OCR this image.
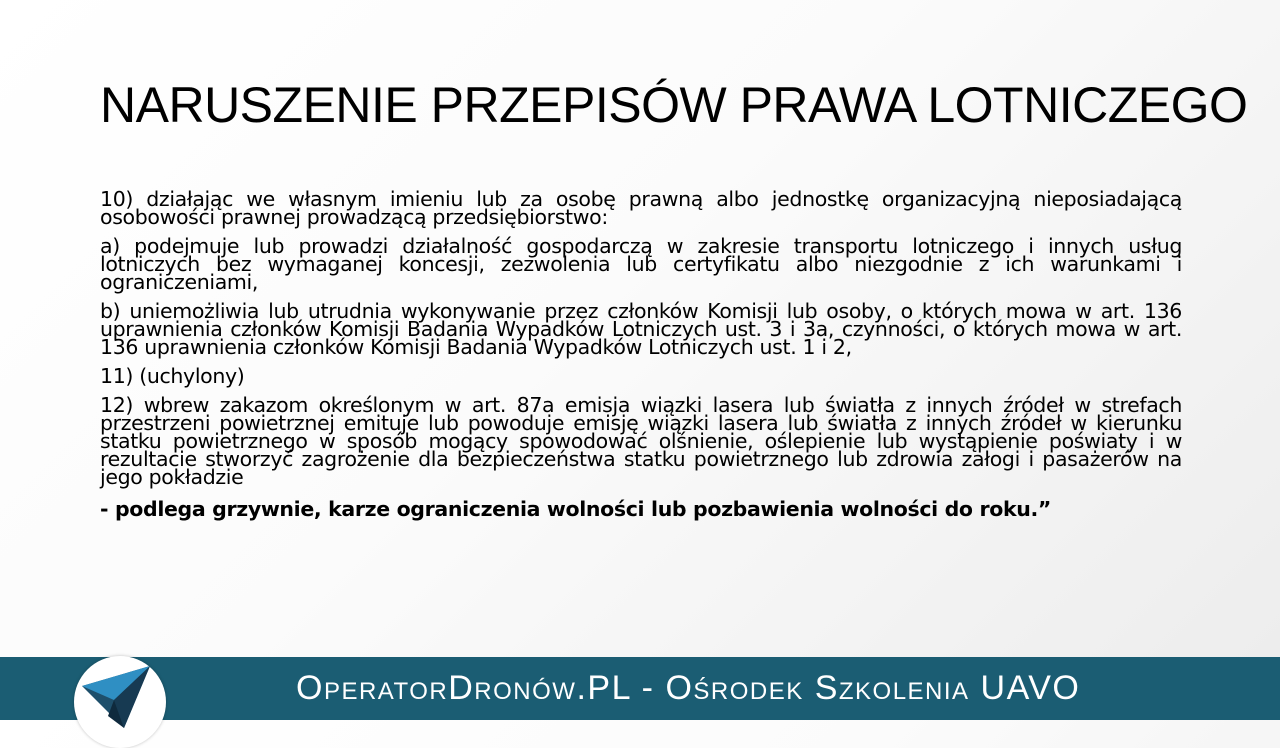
NARUSZENIE PRZEPISÓW PRAWA LOTNICZEGO

10) działając we własnym imieniu lub za osobę prawną albo jednostkę organizacyjną nieposiadającą osobowości prawnej prowadzącą przedsiębiorstwo:

a) podejmuje lub prowadzi działalność gospodarczą w zakresie transportu lotniczego i innych usług lotniczych bez wymaganej koncesji, zezwolenia lub certyfikatu albo niezgodnie z ich warunkami i ograniczeniami,

b) uniemożliwia lub utrudnia wykonywanie przez członków Komisji lub osoby, o których mowa w art. 136 uprawnienia członków Komisji Badania Wypadków Lotniczych ust. 3 i 3a, czynności, o których mowa w art. 136 uprawnienia członków Komisji Badania Wypadków Lotniczych ust. 1 i 2,

11) (uchylony)

12) wbrew zakazom określonym w art. 87a emisja wiązki lasera lub światła z innych źródeł w strefach przestrzeni powietrznej emituje lub powoduje emisję wiązki lasera lub światła z innych źródeł w kierunku statku powietrznego w sposób mogący spowodować olśnienie, oślepienie lub wystąpienie poświaty i w rezultacie stworzyć zagrożenie dla bezpieczeństwa statku powietrznego lub zdrowia załogi i pasażerów na jego pokładzie

- podlega grzywnie, karze ograniczenia wolności lub pozbawienia wolności do roku.”

OperatorDronów.PL - Ośrodek Szkolenia UAVO
